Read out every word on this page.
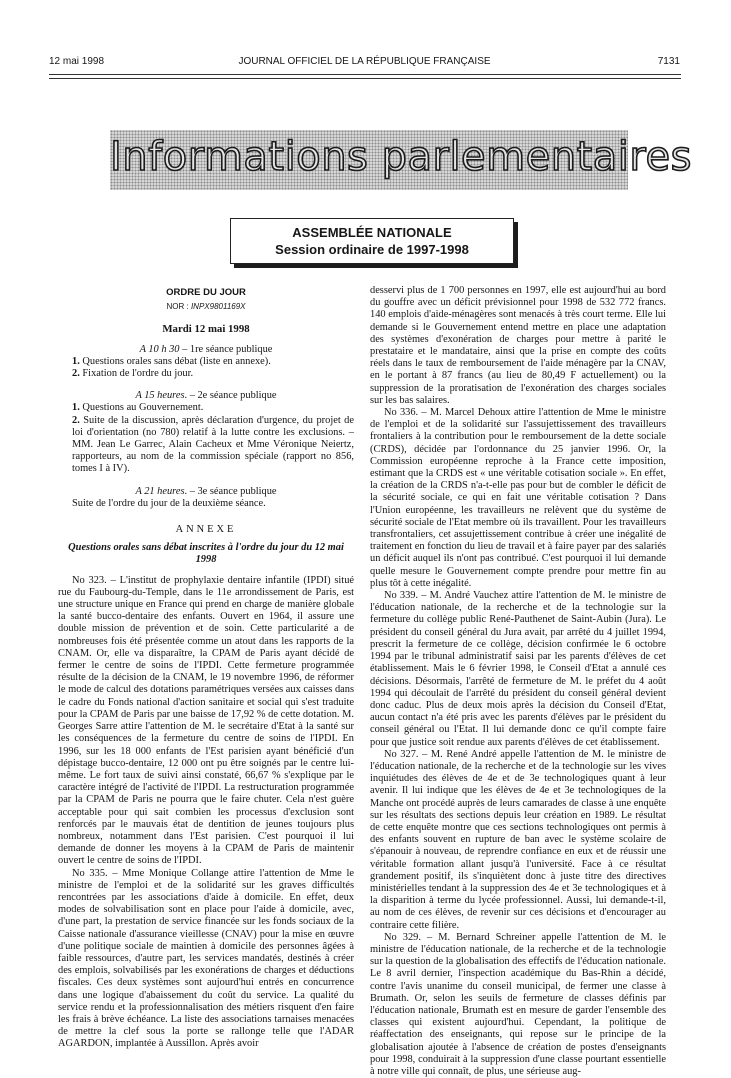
12 mai 1998	JOURNAL OFFICIEL DE LA RÉPUBLIQUE FRANÇAISE	7131
Informations parlementaires
ASSEMBLÉE NATIONALE
Session ordinaire de 1997-1998
ORDRE DU JOUR
NOR : INPX9801169X
Mardi 12 mai 1998
A 10 h 30 – 1re séance publique

1. Questions orales sans débat (liste en annexe).

2. Fixation de l'ordre du jour.

A 15 heures. – 2e séance publique

1. Questions au Gouvernement.

2. Suite de la discussion, après déclaration d'urgence, du projet de loi d'orientation (no 780) relatif à la lutte contre les exclusions. – MM. Jean Le Garrec, Alain Cacheux et Mme Véronique Neiertz, rapporteurs, au nom de la commission spéciale (rapport no 856, tomes I à IV).

A 21 heures. – 3e séance publique

Suite de l'ordre du jour de la deuxième séance.

ANNEXE
Questions orales sans débat inscrites à l'ordre du jour du 12 mai 1998

No 323. – L'institut de prophylaxie dentaire infantile (IPDI) situé rue du Faubourg-du-Temple, dans le 11e arrondissement de Paris, est une structure unique en France qui prend en charge de manière globale la santé bucco-dentaire des enfants. Ouvert en 1964, il assure une double mission de prévention et de soin. Cette particularité a de nombreuses fois été présentée comme un atout dans les rapports de la CNAM. Or, elle va disparaître, la CPAM de Paris ayant décidé de fermer le centre de soins de l'IPDI. Cette fermeture programmée résulte de la décision de la CNAM, le 19 novembre 1996, de réformer le mode de calcul des dotations paramétriques versées aux caisses dans le cadre du Fonds national d'action sanitaire et social qui s'est traduite pour la CPAM de Paris par une baisse de 17,92 % de cette dotation. M. Georges Sarre attire l'attention de M. le secrétaire d'Etat à la santé sur les conséquences de la fermeture du centre de soins de l'IPDI. En 1996, sur les 18 000 enfants de l'Est parisien ayant bénéficié d'un dépistage bucco-dentaire, 12 000 ont pu être soignés par le centre lui-même. Le fort taux de suivi ainsi constaté, 66,67 % s'explique par le caractère intégré de l'activité de l'IPDI. La restructuration programmée par la CPAM de Paris ne pourra que le faire chuter. Cela n'est guère acceptable pour qui sait combien les processus d'exclusion sont renforcés par le mauvais état de dentition de jeunes toujours plus nombreux, notamment dans l'Est parisien. C'est pourquoi il lui demande de donner les moyens à la CPAM de Paris de maintenir ouvert le centre de soins de l'IPDI.

No 335. – Mme Monique Collange attire l'attention de Mme le ministre de l'emploi et de la solidarité sur les graves difficultés rencontrées par les associations d'aide à domicile. En effet, deux modes de solvabilisation sont en place pour l'aide à domicile, avec, d'une part, la prestation de service financée sur les fonds sociaux de la Caisse nationale d'assurance vieillesse (CNAV) pour la mise en œuvre d'une politique sociale de maintien à domicile des personnes âgées à faible ressources, d'autre part, les services mandatés, destinés à créer des emplois, solvabilisés par les exonérations de charges et déductions fiscales. Ces deux systèmes sont aujourd'hui entrés en concurrence dans une logique d'abaissement du coût du service. La qualité du service rendu et la professionnalisation des métiers risquent d'en faire les frais à brève échéance. La liste des associations tarnaises menacées de mettre la clef sous la porte se rallonge telle que l'ADAR AGARDON, implantée à Aussillon. Après avoir

desservi plus de 1 700 personnes en 1997, elle est aujourd'hui au bord du gouffre avec un déficit prévisionnel pour 1998 de 532 772 francs. 140 emplois d'aide-ménagères sont menacés à très court terme. Elle lui demande si le Gouvernement entend mettre en place une adaptation des systèmes d'exonération de charges pour mettre à parité le prestataire et le mandataire, ainsi que la prise en compte des coûts réels dans le taux de remboursement de l'aide ménagère par la CNAV, en le portant à 87 francs (au lieu de 80,49 F actuellement) ou la suppression de la proratisation de l'exonération des charges sociales sur les bas salaires.

No 336. – M. Marcel Dehoux attire l'attention de Mme le ministre de l'emploi et de la solidarité sur l'assujettissement des travailleurs frontaliers à la contribution pour le remboursement de la dette sociale (CRDS), décidée par l'ordonnance du 25 janvier 1996. Or, la Commission européenne reproche à la France cette imposition, estimant que la CRDS est « une véritable cotisation sociale ». En effet, la création de la CRDS n'a-t-elle pas pour but de combler le déficit de la sécurité sociale, ce qui en fait une véritable cotisation ? Dans l'Union européenne, les travailleurs ne relèvent que du système de sécurité sociale de l'Etat membre où ils travaillent. Pour les travailleurs transfrontaliers, cet assujettissement contribue à créer une inégalité de traitement en fonction du lieu de travail et à faire payer par des salariés un déficit auquel ils n'ont pas contribué. C'est pourquoi il lui demande quelle mesure le Gouvernement compte prendre pour mettre fin au plus tôt à cette inégalité.

No 339. – M. André Vauchez attire l'attention de M. le ministre de l'éducation nationale, de la recherche et de la technologie sur la fermeture du collège public René-Pauthenet de Saint-Aubin (Jura). Le président du conseil général du Jura avait, par arrêté du 4 juillet 1994, prescrit la fermeture de ce collège, décision confirmée le 6 octobre 1994 par le tribunal administratif saisi par les parents d'élèves de cet établissement. Mais le 6 février 1998, le Conseil d'Etat a annulé ces décisions. Désormais, l'arrêté de fermeture de M. le préfet du 4 août 1994 qui découlait de l'arrêté du président du conseil général devient donc caduc. Plus de deux mois après la décision du Conseil d'Etat, aucun contact n'a été pris avec les parents d'élèves par le président du conseil général ou l'Etat. Il lui demande donc ce qu'il compte faire pour que justice soit rendue aux parents d'élèves de cet établissement.

No 327. – M. René André appelle l'attention de M. le ministre de l'éducation nationale, de la recherche et de la technologie sur les vives inquiétudes des élèves de 4e et de 3e technologiques quant à leur avenir. Il lui indique que les élèves de 4e et 3e technologiques de la Manche ont procédé auprès de leurs camarades de classe à une enquête sur les résultats des sections depuis leur création en 1989. Le résultat de cette enquête montre que ces sections technologiques ont permis à des enfants souvent en rupture de ban avec le système scolaire de s'épanouir à nouveau, de reprendre confiance en eux et de réussir une véritable formation allant jusqu'à l'université. Face à ce résultat grandement positif, ils s'inquiètent donc à juste titre des directives ministérielles tendant à la suppression des 4e et 3e technologiques et à la disparition à terme du lycée professionnel. Aussi, lui demande-t-il, au nom de ces élèves, de revenir sur ces décisions et d'encourager au contraire cette filière.

No 329. – M. Bernard Schreiner appelle l'attention de M. le ministre de l'éducation nationale, de la recherche et de la technologie sur la question de la globalisation des effectifs de l'éducation nationale. Le 8 avril dernier, l'inspection académique du Bas-Rhin a décidé, contre l'avis unanime du conseil municipal, de fermer une classe à Brumath. Or, selon les seuils de fermeture de classes définis par l'éducation nationale, Brumath est en mesure de garder l'ensemble des classes qui existent aujourd'hui. Cependant, la politique de réaffectation des enseignants, qui repose sur le principe de la globalisation ajoutée à l'absence de création de postes d'enseignants pour 1998, conduirait à la suppression d'une classe pourtant essentielle à notre ville qui connaît, de plus, une sérieuse aug-
